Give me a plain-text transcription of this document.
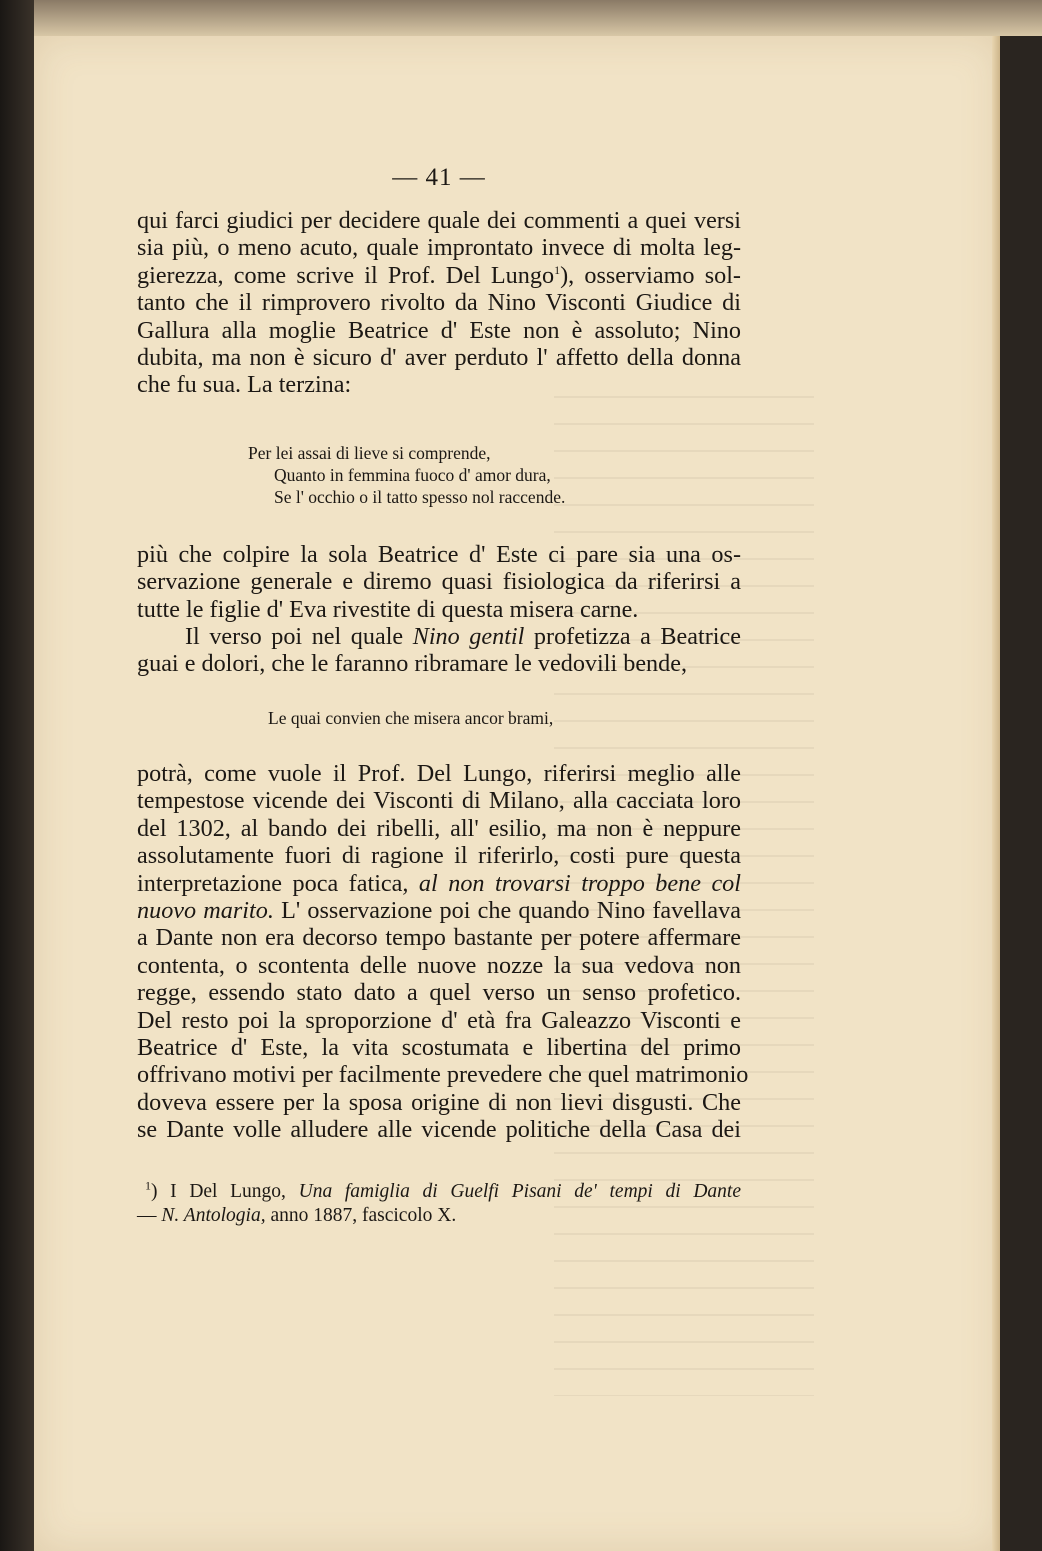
— 41 —
qui farci giudici per decidere quale dei commenti a quei versi
sia più, o meno acuto, quale improntato invece di molta leg-
gierezza, come scrive il Prof. Del Lungo$^1$), osserviamo sol-
tanto che il rimprovero rivolto da Nino Visconti Giudice di
Gallura alla moglie Beatrice d' Este non è assoluto; Nino
dubita, ma non è sicuro d' aver perduto l' affetto della donna
che fu sua. La terzina:
Per lei assai di lieve si comprende,
Quanto in femmina fuoco d' amor dura,
Se l' occhio o il tatto spesso nol raccende.
più che colpire la sola Beatrice d' Este ci pare sia una os-
servazione generale e diremo quasi fisiologica da riferirsi a
tutte le figlie d' Eva rivestite di questa misera carne.
Il verso poi nel quale Nino gentil profetizza a Beatrice
guai e dolori, che le faranno ribramare le vedovili bende,
Le quai convien che misera ancor brami,
potrà, come vuole il Prof. Del Lungo, riferirsi meglio alle
tempestose vicende dei Visconti di Milano, alla cacciata loro
del 1302, al bando dei ribelli, all' esilio, ma non è neppure
assolutamente fuori di ragione il riferirlo, costi pure questa
interpretazione poca fatica, al non trovarsi troppo bene col
nuovo marito. L' osservazione poi che quando Nino favellava
a Dante non era decorso tempo bastante per potere affermare
contenta, o scontenta delle nuove nozze la sua vedova non
regge, essendo stato dato a quel verso un senso profetico.
Del resto poi la sproporzione d' età fra Galeazzo Visconti e
Beatrice d' Este, la vita scostumata e libertina del primo
offrivano motivi per facilmente prevedere che quel matrimonio
doveva essere per la sposa origine di non lievi disgusti. Che
se Dante volle alludere alle vicende politiche della Casa dei
$^1$) I Del Lungo, Una famiglia di Guelfi Pisani de' tempi di Dante
— N. Antologia, anno 1887, fascicolo X.
